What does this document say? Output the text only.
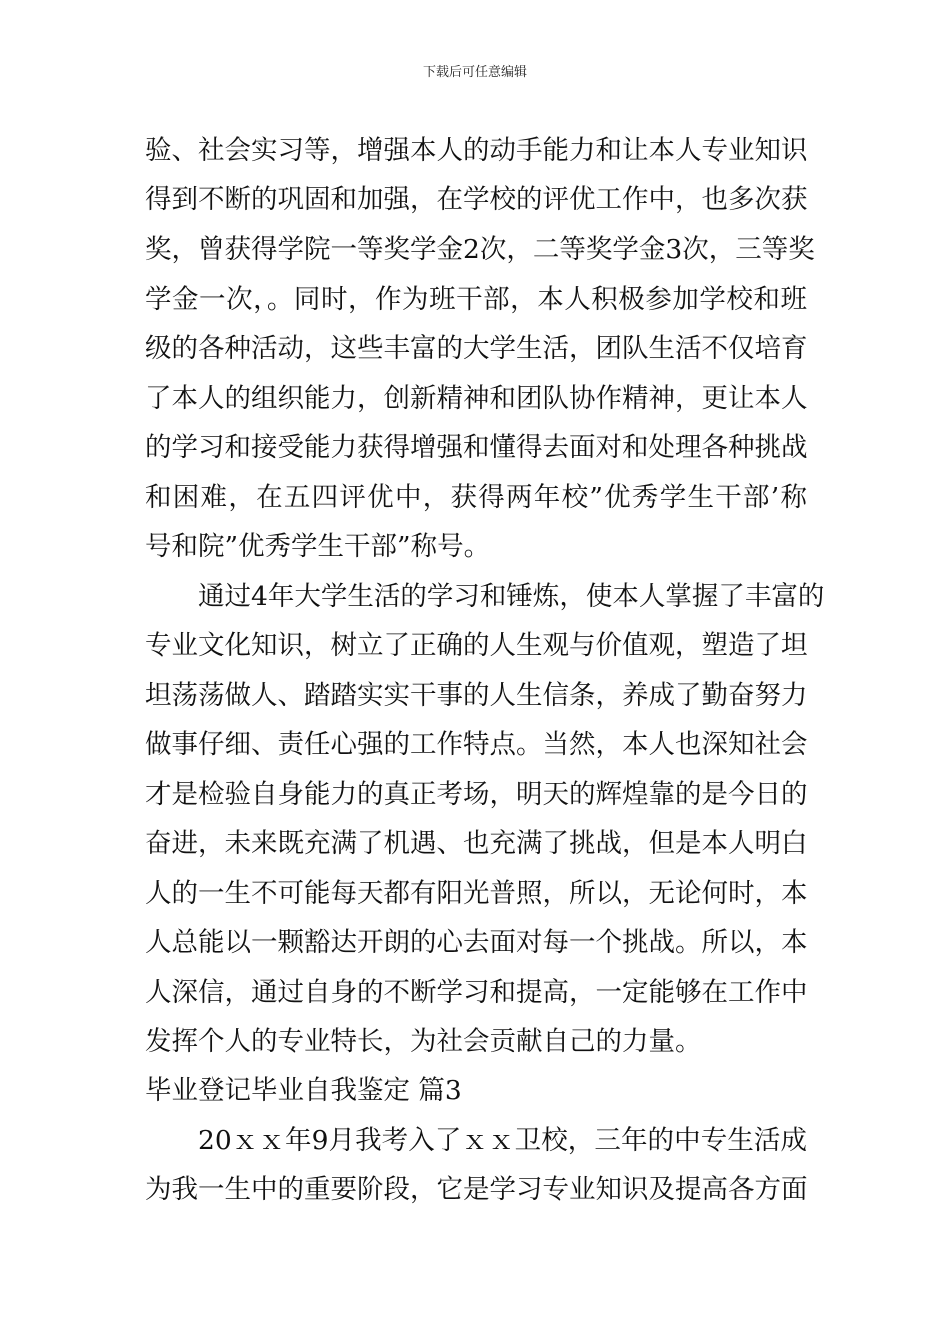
下载后可任意编辑
验、社会实习等，增强本人的动手能力和让本人专业知识
得到不断的巩固和加强，在学校的评优工作中，也多次获
奖，曾获得学院一等奖学金2次，二等奖学金3次，三等奖
学金一次，。同时，作为班干部，本人积极参加学校和班
级的各种活动，这些丰富的大学生活，团队生活不仅培育
了本人的组织能力，创新精神和团队协作精神，更让本人
的学习和接受能力获得增强和懂得去面对和处理各种挑战
和困难，在五四评优中，获得两年校”优秀学生干部’称
号和院”优秀学生干部”称号。
通过4年大学生活的学习和锤炼，使本人掌握了丰富的
专业文化知识，树立了正确的人生观与价值观，塑造了坦
坦荡荡做人、踏踏实实干事的人生信条，养成了勤奋努力
做事仔细、责任心强的工作特点。当然，本人也深知社会
才是检验自身能力的真正考场，明天的辉煌靠的是今日的
奋进，未来既充满了机遇、也充满了挑战，但是本人明白
人的一生不可能每天都有阳光普照，所以，无论何时，本
人总能以一颗豁达开朗的心去面对每一个挑战。所以，本
人深信，通过自身的不断学习和提高，一定能够在工作中
发挥个人的专业特长，为社会贡献自己的力量。
毕业登记毕业自我鉴定 篇3
20ｘｘ年9月我考入了ｘｘ卫校，三年的中专生活成
为我一生中的重要阶段，它是学习专业知识及提高各方面
